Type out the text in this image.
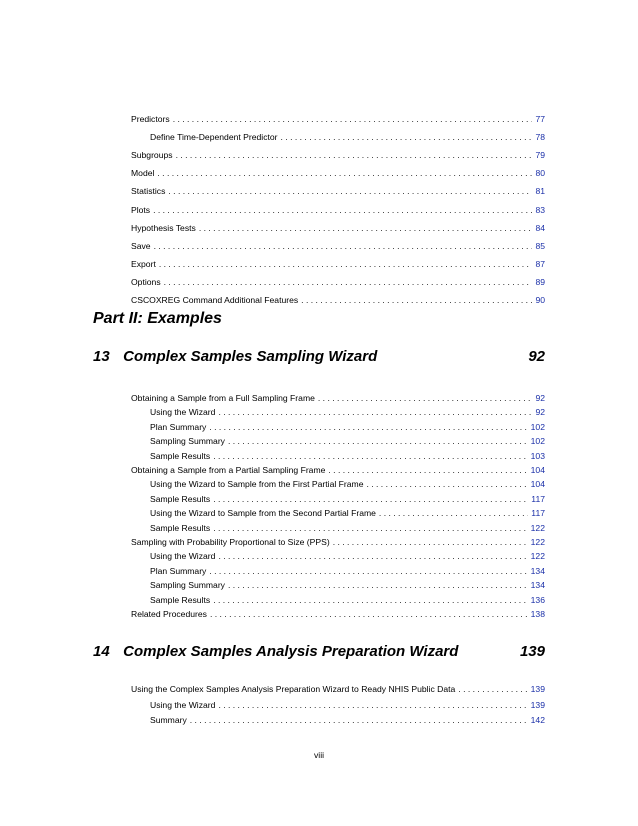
Predictors . . .	77
Define Time-Dependent Predictor . . .	78
Subgroups . . .	79
Model . . .	80
Statistics . . .	81
Plots . . .	83
Hypothesis Tests . . .	84
Save . . .	85
Export . . .	87
Options . . .	89
CSCOXREG Command Additional Features . . .	90
Part II: Examples
13 Complex Samples Sampling Wizard	92
Obtaining a Sample from a Full Sampling Frame . . .	92
Using the Wizard . . .	92
Plan Summary . . .	102
Sampling Summary . . .	102
Sample Results . . .	103
Obtaining a Sample from a Partial Sampling Frame . . .	104
Using the Wizard to Sample from the First Partial Frame . . .	104
Sample Results . . .	117
Using the Wizard to Sample from the Second Partial Frame . . .	117
Sample Results . . .	122
Sampling with Probability Proportional to Size (PPS) . . .	122
Using the Wizard . . .	122
Plan Summary . . .	134
Sampling Summary . . .	134
Sample Results . . .	136
Related Procedures . . .	138
14 Complex Samples Analysis Preparation Wizard	139
Using the Complex Samples Analysis Preparation Wizard to Ready NHIS Public Data . . .	139
Using the Wizard . . .	139
Summary . . .	142
viii
